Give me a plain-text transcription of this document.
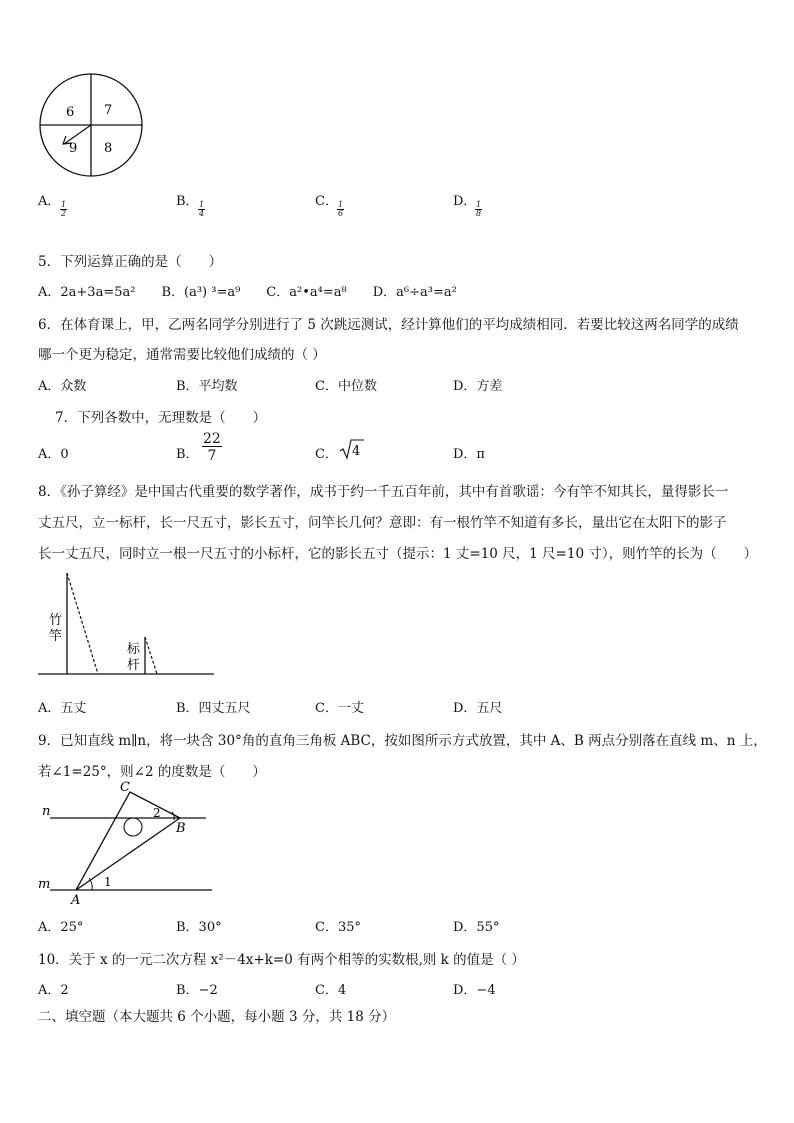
6 7
9 8
A． $\frac{1}{2}$	B． $\frac{1}{4}$	C． $\frac{1}{6}$	D．
$\frac{1}{8}$
5．下列运算正确的是（　　）
A．2a+3a=5a²　　B．(a³) ³=a⁹　　C．a²•a⁴=a⁸　　D．a⁶÷a³=a²
6．在体育课上，甲，乙两名同学分别进行了 5 次跳远测试，经计算他们的平均成绩相同．若要比较这两名同学的成绩
哪一个更为稳定，通常需要比较他们成绩的（ ）
A．众数	B．平均数	C．中位数	D．方差
7．下列各数中，无理数是（　　）
A．0	B． $\frac{22}{7}$	C． 4	D．π
8．《孙子算经》是中国古代重要的数学著作，成书于约一千五百年前，其中有首歌谣：今有竿不知其长，量得影长一
丈五尺，立一标杆，长一尺五寸，影长五寸，问竿长几何？意即：有一根竹竿不知道有多长，量出它在太阳下的影子
长一丈五尺，同时立一根一尺五寸的小标杆，它的影长五寸（提示：1 丈=10 尺，1 尺=10 寸），则竹竿的长为（　　）
竹
竿
标
杆
A．五丈	B．四丈五尺	C．一丈	D．五尺
9．已知直线 m∥n，将一块含 30°角的直角三角板 ABC，按如图所示方式放置，其中 A、B 两点分别落在直线 m、n 上，
若∠1=25°，则∠2 的度数是（　　）
n
m
A
B
C
1
2
A．25°	B．30°	C．35°	D．55°
10．关于 x 的一元二次方程 x²－4x+k=0 有两个相等的实数根,则 k 的值是（ ）
A．2	B．−2	C．4	D．−4
二、填空题（本大题共 6 个小题，每小题 3 分，共 18 分）
